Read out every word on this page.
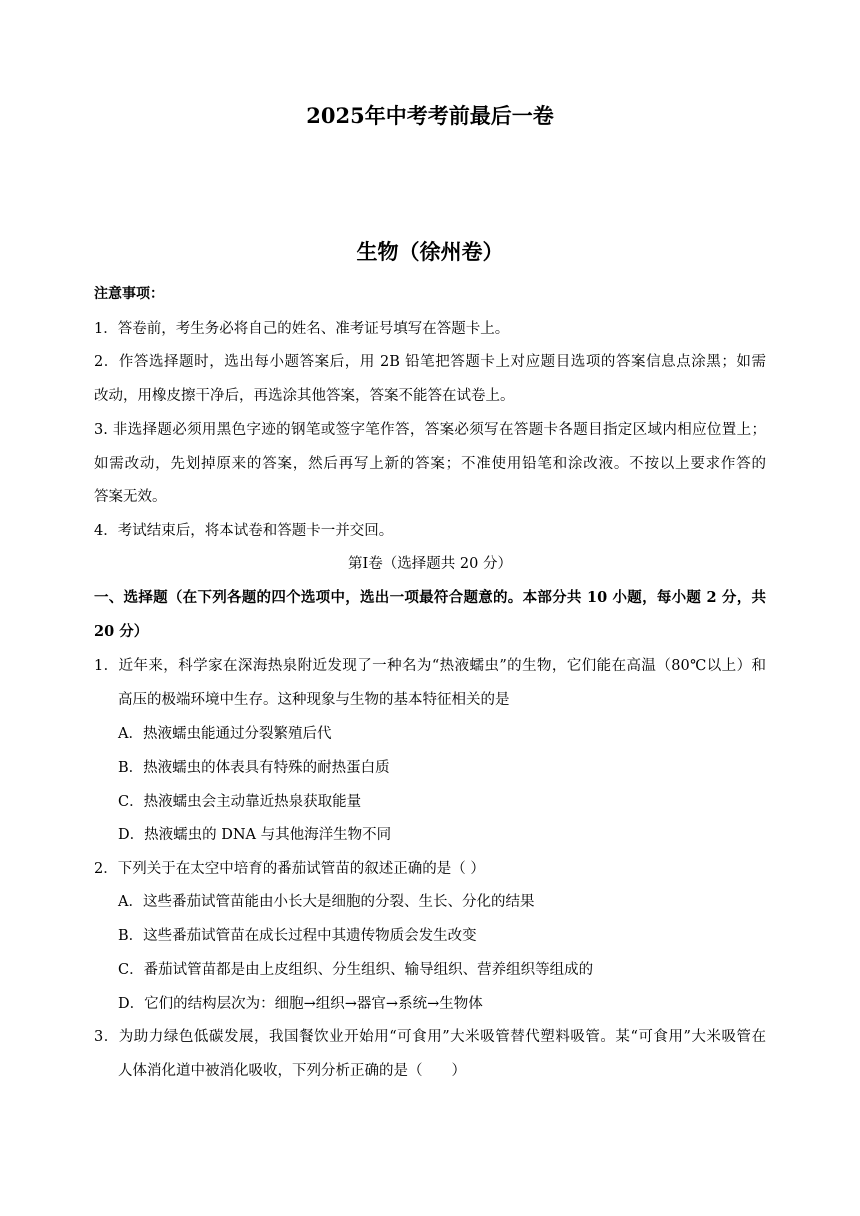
2025年中考考前最后一卷
生物（徐州卷）
注意事项：
1．答卷前，考生务必将自己的姓名、准考证号填写在答题卡上。
2．作答选择题时，选出每小题答案后，用 2B 铅笔把答题卡上对应题目选项的答案信息点涂黑；如需
改动，用橡皮擦干净后，再选涂其他答案，答案不能答在试卷上。
3. 非选择题必须用黑色字迹的钢笔或签字笔作答，答案必须写在答题卡各题目指定区域内相应位置上；
如需改动，先划掉原来的答案，然后再写上新的答案；不准使用铅笔和涂改液。不按以上要求作答的
答案无效。
4．考试结束后，将本试卷和答题卡一并交回。
第Ⅰ卷（选择题共 20 分）
一、选择题（在下列各题的四个选项中，选出一项最符合题意的。本部分共 10 小题，每小题 2 分，共
20 分）
1．近年来，科学家在深海热泉附近发现了一种名为“热液蠕虫”的生物，它们能在高温（80℃以上）和
高压的极端环境中生存。这种现象与生物的基本特征相关的是
A．热液蠕虫能通过分裂繁殖后代
B．热液蠕虫的体表具有特殊的耐热蛋白质
C．热液蠕虫会主动靠近热泉获取能量
D．热液蠕虫的 DNA 与其他海洋生物不同
2．下列关于在太空中培育的番茄试管苗的叙述正确的是（ ）
A．这些番茄试管苗能由小长大是细胞的分裂、生长、分化的结果
B．这些番茄试管苗在成长过程中其遗传物质会发生改变
C．番茄试管苗都是由上皮组织、分生组织、输导组织、营养组织等组成的
D．它们的结构层次为：细胞→组织→器官→系统→生物体
3．为助力绿色低碳发展，我国餐饮业开始用“可食用”大米吸管替代塑料吸管。某“可食用”大米吸管在
人体消化道中被消化吸收，下列分析正确的是（　　）
